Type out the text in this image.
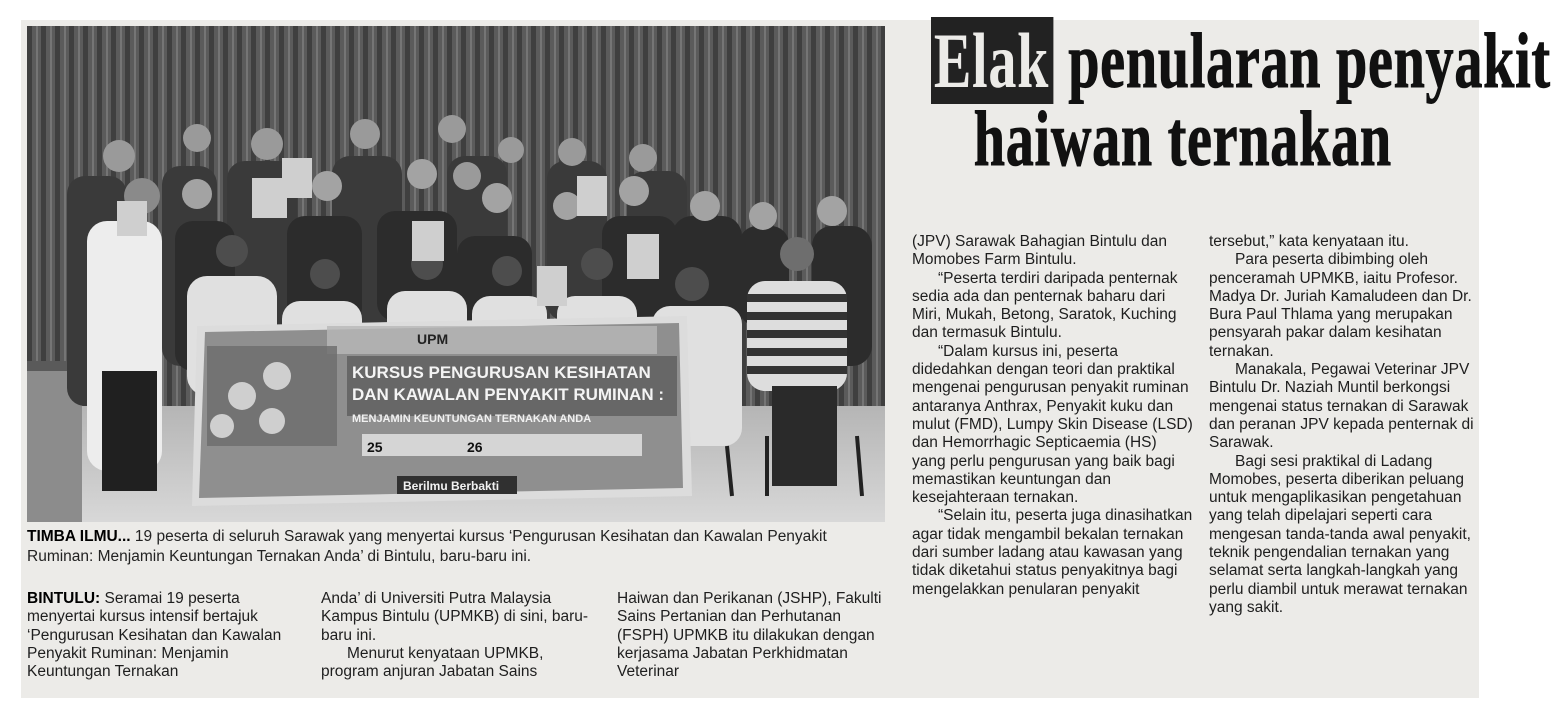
UPM
KURSUS PENGURUSAN KESIHATAN
DAN KAWALAN PENYAKIT RUMINAN :
MENJAMIN KEUNTUNGAN TERNAKAN ANDA
25	26
Berilmu Berbakti
Elak penularan penyakit
haiwan ternakan
TIMBA ILMU... 19 peserta di seluruh Sarawak yang menyertai kursus ‘Pengurusan Kesihatan dan Kawalan Penyakit Ruminan: Menjamin Keuntungan Ternakan Anda’ di Bintulu, baru-baru ini.

BINTULU: Seramai 19 peserta menyertai kursus intensif bertajuk ‘Pengurusan Kesihatan dan Kawalan Penyakit Ruminan: Menjamin Keuntungan Ternakan

Anda’ di Universiti Putra Malaysia Kampus Bintulu (UPMKB) di sini, baru-baru ini.

Menurut kenyataan UPMKB, program anjuran Jabatan Sains

Haiwan dan Perikanan (JSHP), Fakulti Sains Pertanian dan Perhutanan (FSPH) UPMKB itu dilakukan dengan kerjasama Jabatan Perkhidmatan Veterinar

(JPV) Sarawak Bahagian Bintulu dan Momobes Farm Bintulu.

“Peserta terdiri daripada penternak sedia ada dan penternak baharu dari Miri, Mukah, Betong, Saratok, Kuching dan termasuk Bintulu.

“Dalam kursus ini, peserta didedahkan dengan teori dan praktikal mengenai pengurusan penyakit ruminan antaranya Anthrax, Penyakit kuku dan mulut (FMD), Lumpy Skin Disease (LSD) dan Hemorrhagic Septicaemia (HS) yang perlu pengurusan yang baik bagi memastikan keuntungan dan kesejahteraan ternakan.

“Selain itu, peserta juga dinasihatkan agar tidak mengambil bekalan ternakan dari sumber ladang atau kawasan yang tidak diketahui status penyakitnya bagi mengelakkan penularan penyakit

tersebut,” kata kenyataan itu.

Para peserta dibimbing oleh penceramah UPMKB, iaitu Profesor. Madya Dr. Juriah Kamaludeen dan Dr. Bura Paul Thlama yang merupakan pensyarah pakar dalam kesihatan ternakan.

Manakala, Pegawai Veterinar JPV Bintulu Dr. Naziah Muntil berkongsi mengenai status ternakan di Sarawak dan peranan JPV kepada penternak di Sarawak.

Bagi sesi praktikal di Ladang Momobes, peserta diberikan peluang untuk mengaplikasikan pengetahuan yang telah dipelajari seperti cara mengesan tanda-tanda awal penyakit, teknik pengendalian ternakan yang selamat serta langkah-langkah yang perlu diambil untuk merawat ternakan yang sakit.
